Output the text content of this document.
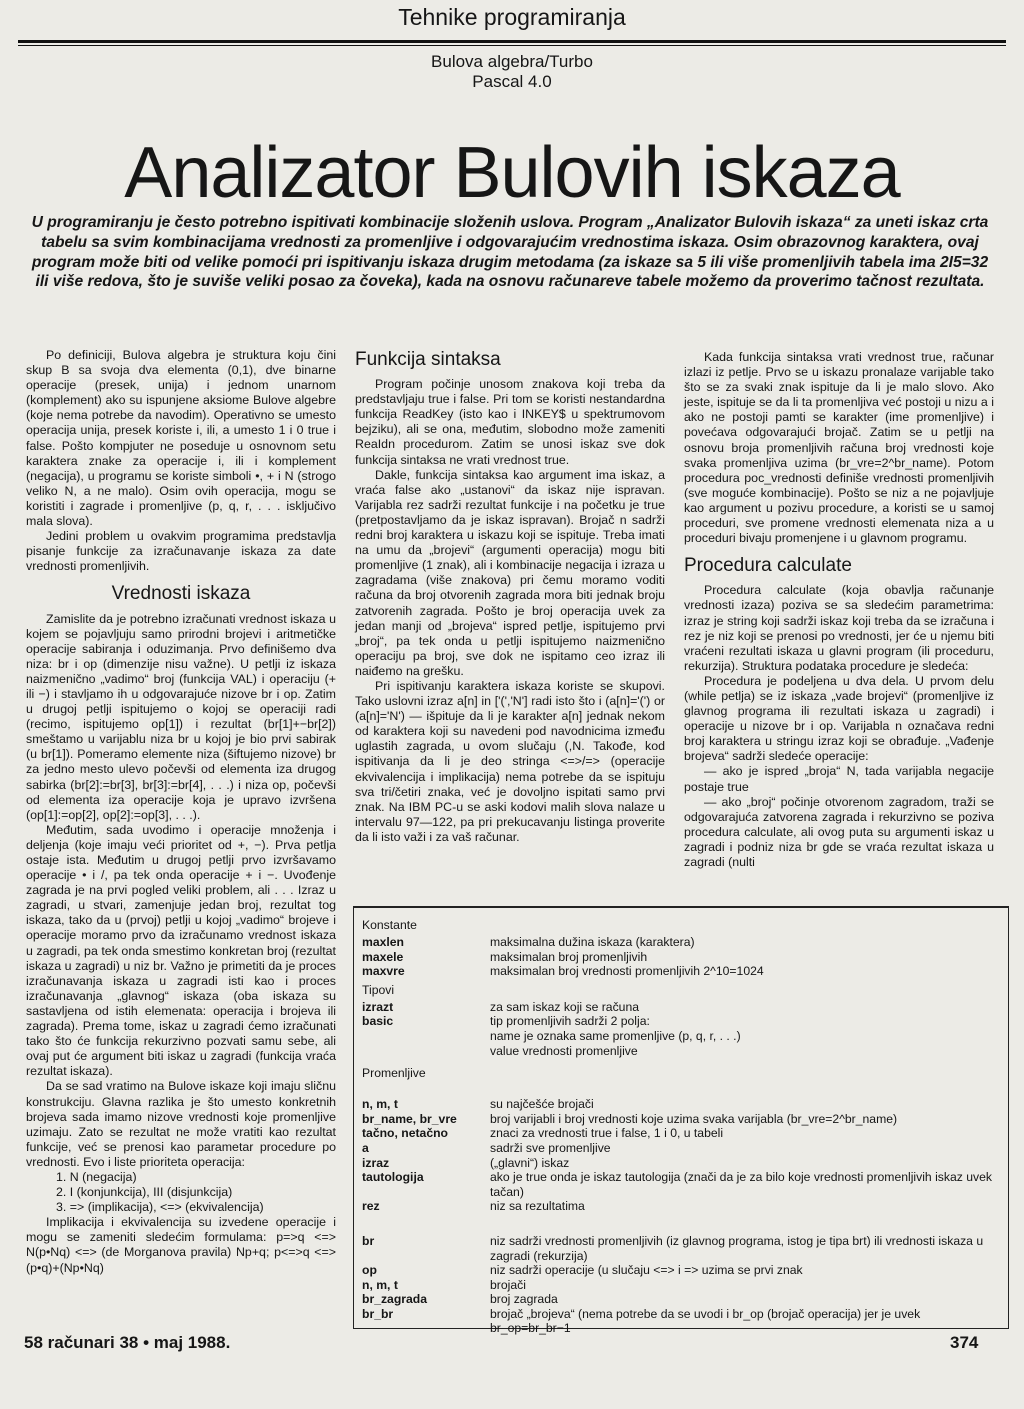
Tehnike programiranja
Bulova algebra/Turbo
Pascal 4.0
Analizator Bulovih iskaza
U programiranju je često potrebno ispitivati kombinacije složenih uslova. Program „Analizator Bulovih iskaza“ za uneti iskaz crta tabelu sa svim kombinacijama vrednosti za promenljive i odgovarajućim vrednostima iskaza. Osim obrazovnog karaktera, ovaj program može biti od velike pomoći pri ispitivanju iskaza drugim metodama (za iskaze sa 5 ili više promenljivih tabela ima 2I5=32 ili više redova, što je suviše veliki posao za čoveka), kada na osnovu računareve tabele možemo da proverimo tačnost rezultata.

Po definiciji, Bulova algebra je struktura koju čini skup B sa svoja dva elementa (0,1), dve binarne operacije (presek, unija) i jednom unarnom (komplement) ako su ispunjene aksiome Bulove algebre (koje nema potrebe da navodim). Operativno se umesto operacija unija, presek koriste i, ili, a umesto 1 i 0 true i false. Pošto kompjuter ne poseduje u osnovnom setu karaktera znake za operacije i, ili i komplement (negacija), u programu se koriste simboli •, + i N (strogo veliko N, a ne malo). Osim ovih operacija, mogu se koristiti i zagrade i promenljive (p, q, r, . . . isključivo mala slova).

Jedini problem u ovakvim programima predstavlja pisanje funkcije za izračunavanje iskaza za date vrednosti promenljivih.

Vrednosti iskaza

Zamislite da je potrebno izračunati vrednost iskaza u kojem se pojavljuju samo prirodni brojevi i aritmetičke operacije sabiranja i oduzimanja. Prvo definišemo dva niza: br i op (dimenzije nisu važne). U petlji iz iskaza naizmenično „vadimo“ broj (funkcija VAL) i operaciju (+ ili −) i stavljamo ih u odgovarajuće nizove br i op. Zatim u drugoj petlji ispitujemo o kojoj se operaciji radi (recimo, ispitujemo op[1]) i rezultat (br[1]+−br[2]) smeštamo u varijablu niza br u kojoj je bio prvi sabirak (u br[1]). Pomeramo elemente niza (šiftujemo nizove) br za jedno mesto ulevo počevši od elementa iza drugog sabirka (br[2]:=br[3], br[3]:=br[4], . . .) i niza op, počevši od elementa iza operacije koja je upravo izvršena (op[1]:=op[2], op[2]:=op[3], . . .).

Međutim, sada uvodimo i operacije množenja i deljenja (koje imaju veći prioritet od +, −). Prva petlja ostaje ista. Međutim u drugoj petlji prvo izvršavamo operacije • i /, pa tek onda operacije + i −. Uvođenje zagrada je na prvi pogled veliki problem, ali . . . Izraz u zagradi, u stvari, zamenjuje jedan broj, rezultat tog iskaza, tako da u (prvoj) petlji u kojoj „vadimo“ brojeve i operacije moramo prvo da izračunamo vrednost iskaza u zagradi, pa tek onda smestimo konkretan broj (rezultat iskaza u zagradi) u niz br. Važno je primetiti da je proces izračunavanja iskaza u zagradi isti kao i proces izračunavanja „glavnog“ iskaza (oba iskaza su sastavljena od istih elemenata: operacija i brojeva ili zagrada). Prema tome, iskaz u zagradi ćemo izračunati tako što će funkcija rekurzivno pozvati samu sebe, ali ovaj put će argument biti iskaz u zagradi (funkcija vraća rezultat iskaza).

Da se sad vratimo na Bulove iskaze koji imaju sličnu konstrukciju. Glavna razlika je što umesto konkretnih brojeva sada imamo nizove vrednosti koje promenljive uzimaju. Zato se rezultat ne može vratiti kao rezultat funkcije, već se prenosi kao parametar procedure po vrednosti. Evo i liste prioriteta operacija:

1. N (negacija)
2. I (konjunkcija), III (disjunkcija)
3. => (implikacija), <=> (ekvivalencija)

Implikacija i ekvivalencija su izvedene operacije i mogu se zameniti sledećim formulama: p=>q <=> N(p•Nq) <=> (de Morganova pravila) Np+q; p<=>q <=> (p•q)+(Np•Nq)

Funkcija sintaksa

Program počinje unosom znakova koji treba da predstavljaju true i false. Pri tom se koristi nestandardna funkcija ReadKey (isto kao i INKEY$ u spektrumovom bejziku), ali se ona, međutim, slobodno može zameniti ReaIdn procedurom. Zatim se unosi iskaz sve dok funkcija sintaksa ne vrati vrednost true.

Dakle, funkcija sintaksa kao argument ima iskaz, a vraća false ako „ustanovi“ da iskaz nije ispravan. Varijabla rez sadrži rezultat funkcije i na početku je true (pretpostavljamo da je iskaz ispravan). Brojač n sadrži redni broj karaktera u iskazu koji se ispituje. Treba imati na umu da „brojevi“ (argumenti operacija) mogu biti promenljive (1 znak), ali i kombinacije negacija i izraza u zagradama (više znakova) pri čemu moramo voditi računa da broj otvorenih zagrada mora biti jednak broju zatvorenih zagrada. Pošto je broj operacija uvek za jedan manji od „brojeva“ ispred petlje, ispitujemo prvi „broj“, pa tek onda u petlji ispitujemo naizmenično operaciju pa broj, sve dok ne ispitamo ceo izraz ili naiđemo na grešku.

Pri ispitivanju karaktera iskaza koriste se skupovi. Tako uslovni izraz a[n] in ['(','N'] radi isto što i (a[n]='(') or (a[n]='N') — išpituje da li je karakter a[n] jednak nekom od karaktera koji su navedeni pod navodnicima između uglastih zagrada, u ovom slučaju (,N. Takođe, kod ispitivanja da li je deo stringa <=>/=> (operacije ekvivalencija i implikacija) nema potrebe da se ispituju sva tri/četiri znaka, već je dovoljno ispitati samo prvi znak. Na IBM PC-u se aski kodovi malih slova nalaze u intervalu 97—122, pa pri prekucavanju listinga proverite da li isto važi i za vaš računar.

Kada funkcija sintaksa vrati vrednost true, računar izlazi iz petlje. Prvo se u iskazu pronalaze varijable tako što se za svaki znak ispituje da li je malo slovo. Ako jeste, ispituje se da li ta promenljiva već postoji u nizu a i ako ne postoji pamti se karakter (ime promenljive) i povećava odgovarajući brojač. Zatim se u petlji na osnovu broja promenljivih računa broj vrednosti koje svaka promenljiva uzima (br_vre=2^br_name). Potom procedura poc_vrednosti definiše vrednosti promenljivih (sve moguće kombinacije). Pošto se niz a ne pojavljuje kao argument u pozivu procedure, a koristi se u samoj proceduri, sve promene vrednosti elemenata niza a u proceduri bivaju promenjene i u glavnom programu.

Procedura calculate

Procedura calculate (koja obavlja računanje vrednosti izaza) poziva se sa sledećim parametrima: izraz je string koji sadrži iskaz koji treba da se izračuna i rez je niz koji se prenosi po vrednosti, jer će u njemu biti vraćeni rezultati iskaza u glavni program (ili proceduru, rekurzija). Struktura podataka procedure je sledeća:

Procedura je podeljena u dva dela. U prvom delu (while petlja) se iz iskaza „vade brojevi“ (promenljive iz glavnog programa ili rezultati iskaza u zagradi) i operacije u nizove br i op. Varijabla n označava redni broj karaktera u stringu izraz koji se obrađuje. „Vađenje brojeva“ sadrži sledeće operacije:

— ako je ispred „broja“ N, tada varijabla negacije postaje true

— ako „broj“ počinje otvorenom zagradom, traži se odgovarajuća zatvorena zagrada i rekurzivno se poziva procedura calculate, ali ovog puta su argumenti iskaz u zagradi i podniz niza br gde se vraća rezultat iskaza u zagradi (nulti

Konstante
maxlen	maksimalna dužina iskaza (karaktera)
maxele	maksimalan broj promenljivih
maxvre	maksimalan broj vrednosti promenljivih 2^10=1024
Tipovi
izrazt	za sam iskaz koji se računa
basic	tip promenljivih sadrži 2 polja:
name je oznaka same promenljive (p, q, r, . . .)
value vrednosti promenljive
Promenljive
n, m, t	su najčešće brojači
br_name, br_vre	broj varijabli i broj vrednosti koje uzima svaka varijabla (br_vre=2^br_name)
tačno, netačno	znaci za vrednosti true i false, 1 i 0, u tabeli
a	sadrži sve promenljive
izraz	(„glavni“) iskaz
tautologija	ako je true onda je iskaz tautologija (znači da je za bilo koje vrednosti promenljivih iskaz uvek tačan)
rez	niz sa rezultatima
br	niz sadrži vrednosti promenljivih (iz glavnog programa, istog je tipa brt) ili vrednosti iskaza u zagradi (rekurzija)
op	niz sadrži operacije (u slučaju <=> i => uzima se prvi znak
n, m, t	brojači
br_zagrada	broj zagrada
br_br	brojač „brojeva“ (nema potrebe da se uvodi i br_op (brojač operacija) jer je uvek br_op=br_br−1
58 računari 38 • maj 1988.	374
